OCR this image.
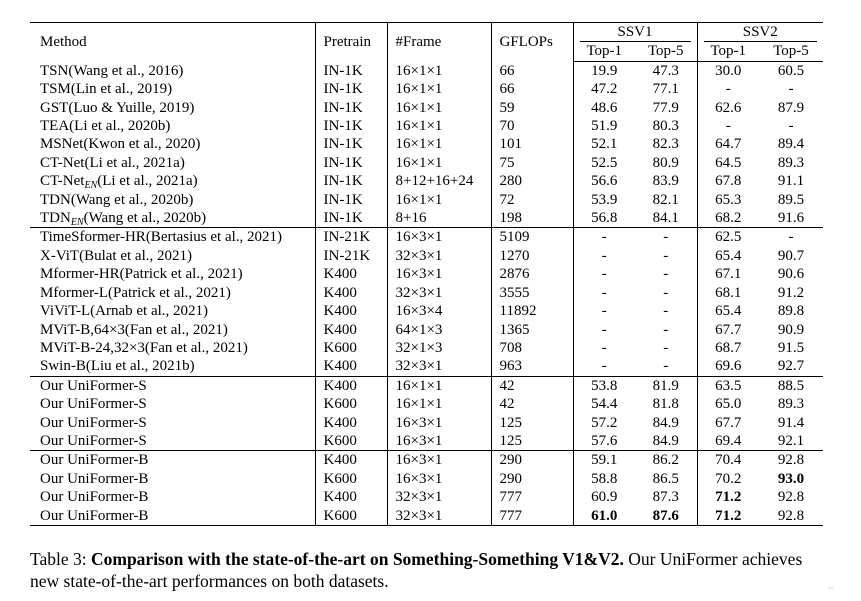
Method	Pretrain	#Frame	GFLOPs	SSV1		SSV2	

				Top-1	Top-5	Top-1	Top-5
TSN(Wang et al., 2016)	IN-1K	16×1×1	66	19.9	47.3	30.0	60.5
TSM(Lin et al., 2019)	IN-1K	16×1×1	66	47.2	77.1	-	-
GST(Luo & Yuille, 2019)	IN-1K	16×1×1	59	48.6	77.9	62.6	87.9
TEA(Li et al., 2020b)	IN-1K	16×1×1	70	51.9	80.3	-	-
MSNet(Kwon et al., 2020)	IN-1K	16×1×1	101	52.1	82.3	64.7	89.4
CT-Net(Li et al., 2021a)	IN-1K	16×1×1	75	52.5	80.9	64.5	89.3
CT-Net$_{EN}$(Li et al., 2021a)	IN-1K	8+12+16+24	280	56.6	83.9	67.8	91.1
TDN(Wang et al., 2020b)	IN-1K	16×1×1	72	53.9	82.1	65.3	89.5
$TDN_{EN}(Wang$ et al., 2020b)	IN-1K	8+16	198	56.8	84.1	68.2	91.6
TimeSformer-HR(Bertasius et al., 2021)	IN-21K	16×3×1	5109	-	-	62.5	-
X-ViT(Bulat et al., 2021)	IN-21K	32×3×1	1270	-	-	65.4	90.7
Mformer-HR(Patrick et al., 2021)	K400	16×3×1	2876	-	-	67.1	90.6
Mformer-L(Patrick et al., 2021)	K400	32×3×1	3555	-	-	68.1	91.2
ViViT-L(Arnab et al., 2021)	K400	16×3×4	11892	-	-	65.4	89.8
MViT-B,64×3(Fan et al., 2021)	K400	64×1×3	1365	-	-	67.7	90.9
MViT-B-24,32×3(Fan et al., 2021)	K600	32×1×3	708	-	-	68.7	91.5
Swin-B(Liu et al., 2021b)	K400	32×3×1	963	-	-	69.6	92.7
Our UniFormer-S	K400	16×1×1	42	53.8	81.9	63.5	88.5
Our UniFormer-S	K600	16×1×1	42	54.4	81.8	65.0	89.3
Our UniFormer-S	K400	16×3×1	125	57.2	84.9	67.7	91.4
Our UniFormer-S	K600	16×3×1	125	57.6	84.9	69.4	92.1
Our UniFormer-B	K400	16×3×1	290	59.1	86.2	70.4	92.8
Our UniFormer-B	K600	16×3×1	290	58.8	86.5	70.2	93.0
Our UniFormer-B	K400	32×3×1	777	60.9	87.3	71.2	92.8
Our UniFormer-B	K600	32×3×1	777	61.0	87.6	71.2	92.8
Table 3: Comparison with the state-of-the-art on Something-Something V1&V2. Our UniFormer achieves new state-of-the-art performances on both datasets.	··
